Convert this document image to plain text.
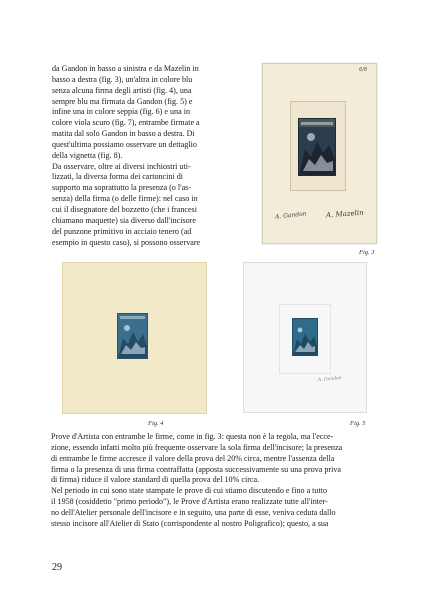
da Gandon in basso a sinistra e da Mazelin in
basso a destra (fig. 3), un'altra in colore blu
senza alcuna firma degli artisti (fig. 4), una
sempre blu ma firmata da Gandon (fig. 5) e
infine una in colore seppia (fig. 6) e una in
colore viola scuro (fig. 7), entrambe firmate a
matita dal solo Gandon in basso a destra. Di
quest'ultima possiamo osservare un dettaglio
della vignetta (fig. 8).
Da osservare, oltre ai diversi inchiostri uti-
lizzati, la diversa forma dei cartoncini di
supporto ma soprattutto la presenza (o l'as-
senza) della firma (o delle firme): nel caso in
cui il disegnatore del bozzetto (che i francesi
chiamano maquette) sia diverso dall'incisore
del punzone primitivo in acciaio tenero (ad
esempio in questo caso), si possono osservare
6/8
A. Gandon	A. Mazelin
Fig. 3
Fig. 4
A. Gandon
Fig. 5
Prove d'Artista con entrambe le firme, come in fig. 3: questa non è la regola, ma l'ecce-
zione, essendo infatti molto più frequente osservare la sola firma dell'incisore; la presenza
di entrambe le firme accresce il valore della prova del 20% circa, mentre l'assenza della
firma o la presenza di una firma contraffatta (apposta successivamente su una prova priva
di firma) riduce il valore standard di quella prova del 10% circa.
Nel periodo in cui sono state stampate le prove di cui stiamo discutendo e fino a tutto
il 1958 (cosiddetto "primo periodo"), le Prove d'Artista erano realizzate tutte all'inter-
no dell'Atelier personale dell'incisore e in seguito, una parte di esse, veniva ceduta dallo
stesso incisore all'Atelier di Stato (corrispondente al nostro Poligrafico); questo, a sua
29
